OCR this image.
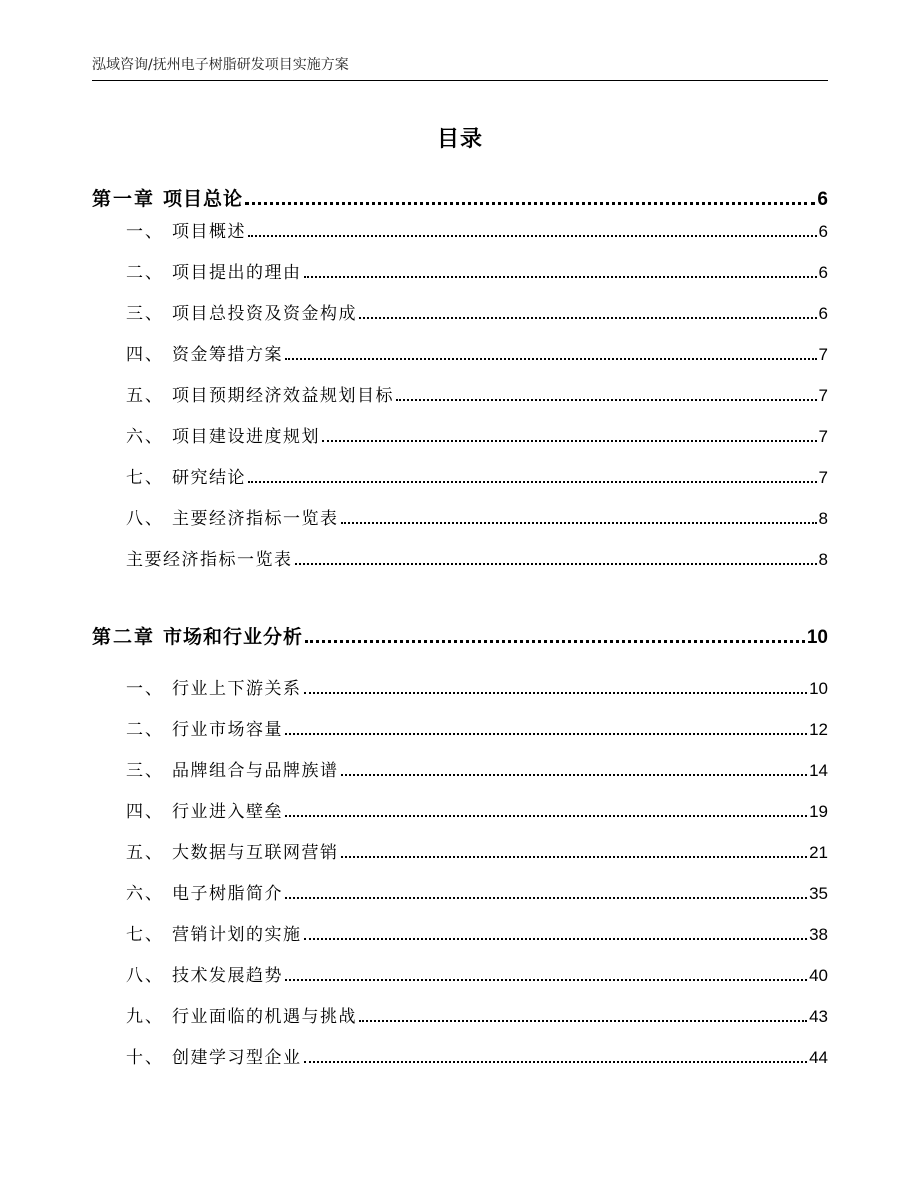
泓域咨询/抚州电子树脂研发项目实施方案
目录
第一章 项目总论	6
一、 项目概述	6
二、 项目提出的理由	6
三、 项目总投资及资金构成	6
四、 资金筹措方案	7
五、 项目预期经济效益规划目标	7
六、 项目建设进度规划	7
七、 研究结论	7
八、 主要经济指标一览表	8
主要经济指标一览表	8
第二章 市场和行业分析	10
一、 行业上下游关系	10
二、 行业市场容量	12
三、 品牌组合与品牌族谱	14
四、 行业进入壁垒	19
五、 大数据与互联网营销	21
六、 电子树脂简介	35
七、 营销计划的实施	38
八、 技术发展趋势	40
九、 行业面临的机遇与挑战	43
十、 创建学习型企业	44
